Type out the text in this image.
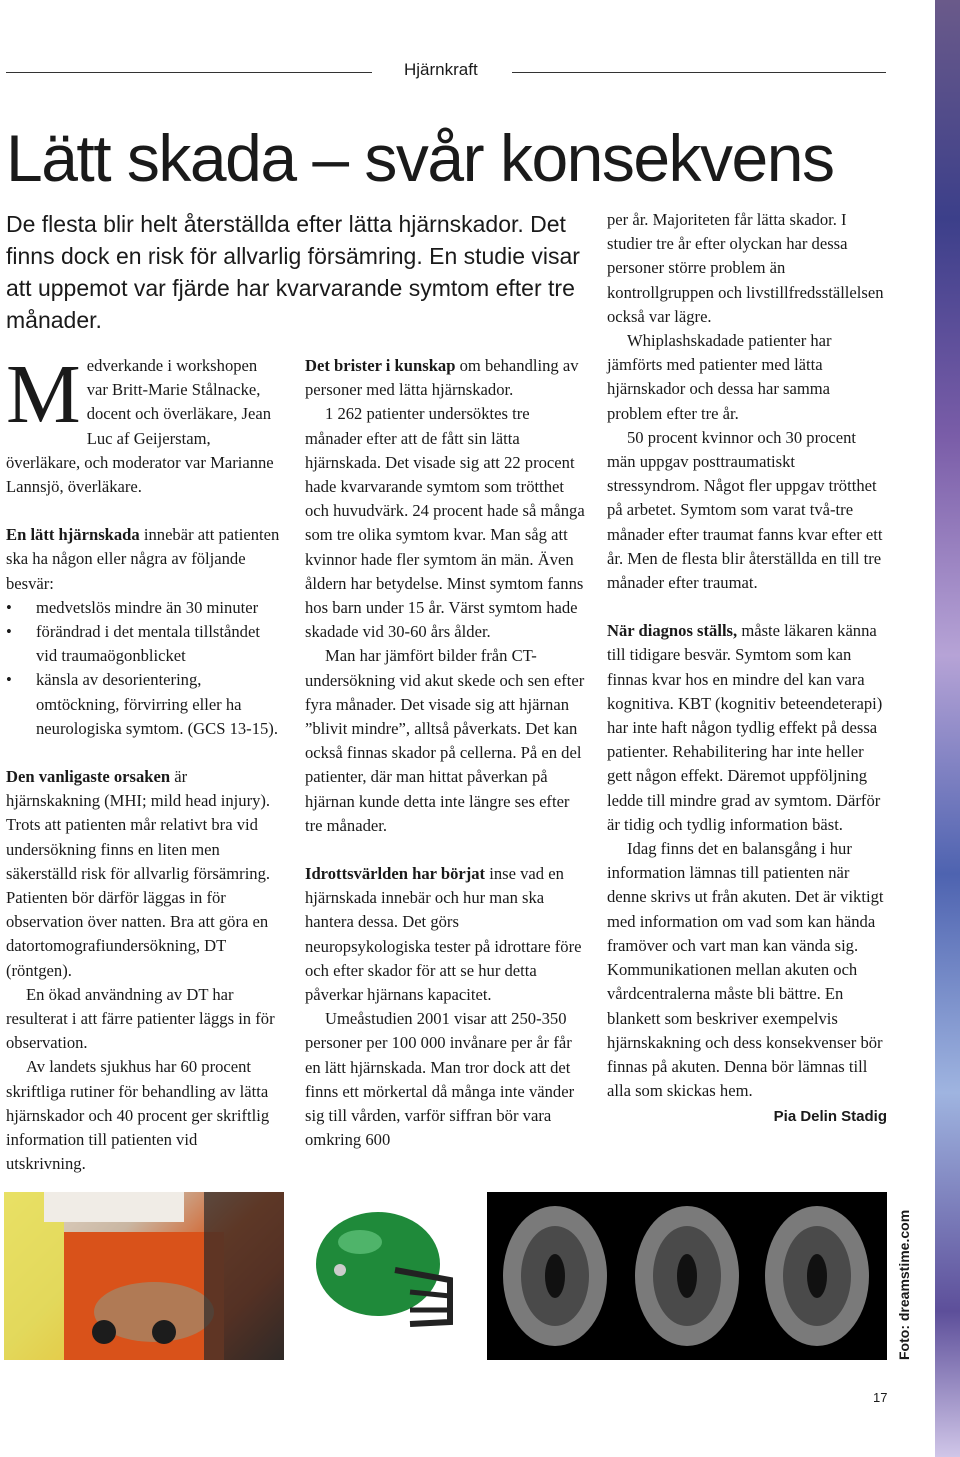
Hjärnkraft
Lätt skada – svår konsekvens
De flesta blir helt återställda efter lätta hjärnskador. Det finns dock en risk för allvarlig försämring. En studie visar att uppemot var fjärde har kvarvarande symtom efter tre månader.

Medverkande i workshopen var Britt-Marie Stålnacke, docent och överläkare, Jean Luc af Geijerstam, överläkare, och moderator var Marianne Lannsjö, överläkare.

En lätt hjärnskada innebär att patienten ska ha någon eller några av följande besvär:

• medvetslös mindre än 30 minuter
• förändrad i det mentala tillståndet vid traumaögonblicket
• känsla av desorientering, omtöckning, förvirring eller ha neurologiska symtom. (GCS 13-15).

Den vanligaste orsaken är hjärnskakning (MHI; mild head injury). Trots att patienten mår relativt bra vid undersökning finns en liten men säkerställd risk för allvarlig försämring. Patienten bör därför läggas in för observation över natten. Bra att göra en datortomografiundersökning, DT (röntgen).

En ökad användning av DT har resulterat i att färre patienter läggs in för observation.

Av landets sjukhus har 60 procent skriftliga rutiner för behandling av lätta hjärnskador och 40 procent ger skriftlig information till patienten vid utskrivning.

Det brister i kunskap om behandling av personer med lätta hjärnskador.

1 262 patienter undersöktes tre månader efter att de fått sin lätta hjärnskada. Det visade sig att 22 procent hade kvarvarande symtom som trötthet och huvudvärk. 24 procent hade så många som tre olika symtom kvar. Man såg att kvinnor hade fler symtom än män. Även åldern har betydelse. Minst symtom fanns hos barn under 15 år. Värst symtom hade skadade vid 30-60 års ålder.

Man har jämfört bilder från CT-undersökning vid akut skede och sen efter fyra månader. Det visade sig att hjärnan ”blivit mindre”, alltså påverkats. Det kan också finnas skador på cellerna. På en del patienter, där man hittat påverkan på hjärnan kunde detta inte längre ses efter tre månader.

Idrottsvärlden har börjat inse vad en hjärnskada innebär och hur man ska hantera dessa. Det görs neuropsykologiska tester på idrottare före och efter skador för att se hur detta påverkar hjärnans kapacitet.

Umeåstudien 2001 visar att 250-350 personer per 100 000 invånare per år får en lätt hjärnskada. Man tror dock att det finns ett mörkertal då många inte vänder sig till vården, varför siffran bör vara omkring 600

per år. Majoriteten får lätta skador. I studier tre år efter olyckan har dessa personer större problem än kontrollgruppen och livstillfredsställelsen också var lägre.

Whiplashskadade patienter har jämförts med patienter med lätta hjärnskador och dessa har samma problem efter tre år.

50 procent kvinnor och 30 procent män uppgav posttraumatiskt stressyndrom. Något fler uppgav trötthet på arbetet. Symtom som varat två-tre månader efter traumat fanns kvar efter ett år. Men de flesta blir återställda en till tre månader efter traumat.

När diagnos ställs, måste läkaren känna till tidigare besvär. Symtom som kan finnas kvar hos en mindre del kan vara kognitiva. KBT (kognitiv beteendeterapi) har inte haft någon tydlig effekt på dessa patienter. Rehabilitering har inte heller gett någon effekt. Däremot uppföljning ledde till mindre grad av symtom. Därför är tidig och tydlig information bäst.

Idag finns det en balansgång i hur information lämnas till patienten när denne skrivs ut från akuten. Det är viktigt med information om vad som kan hända framöver och vart man kan vända sig. Kommunikationen mellan akuten och vårdcentralerna måste bli bättre. En blankett som beskriver exempelvis hjärnskakning och dess konsekvenser bör finnas på akuten. Denna bör lämnas till alla som skickas hem.

Pia Delin Stadig
Foto: dreamstime.com
17
